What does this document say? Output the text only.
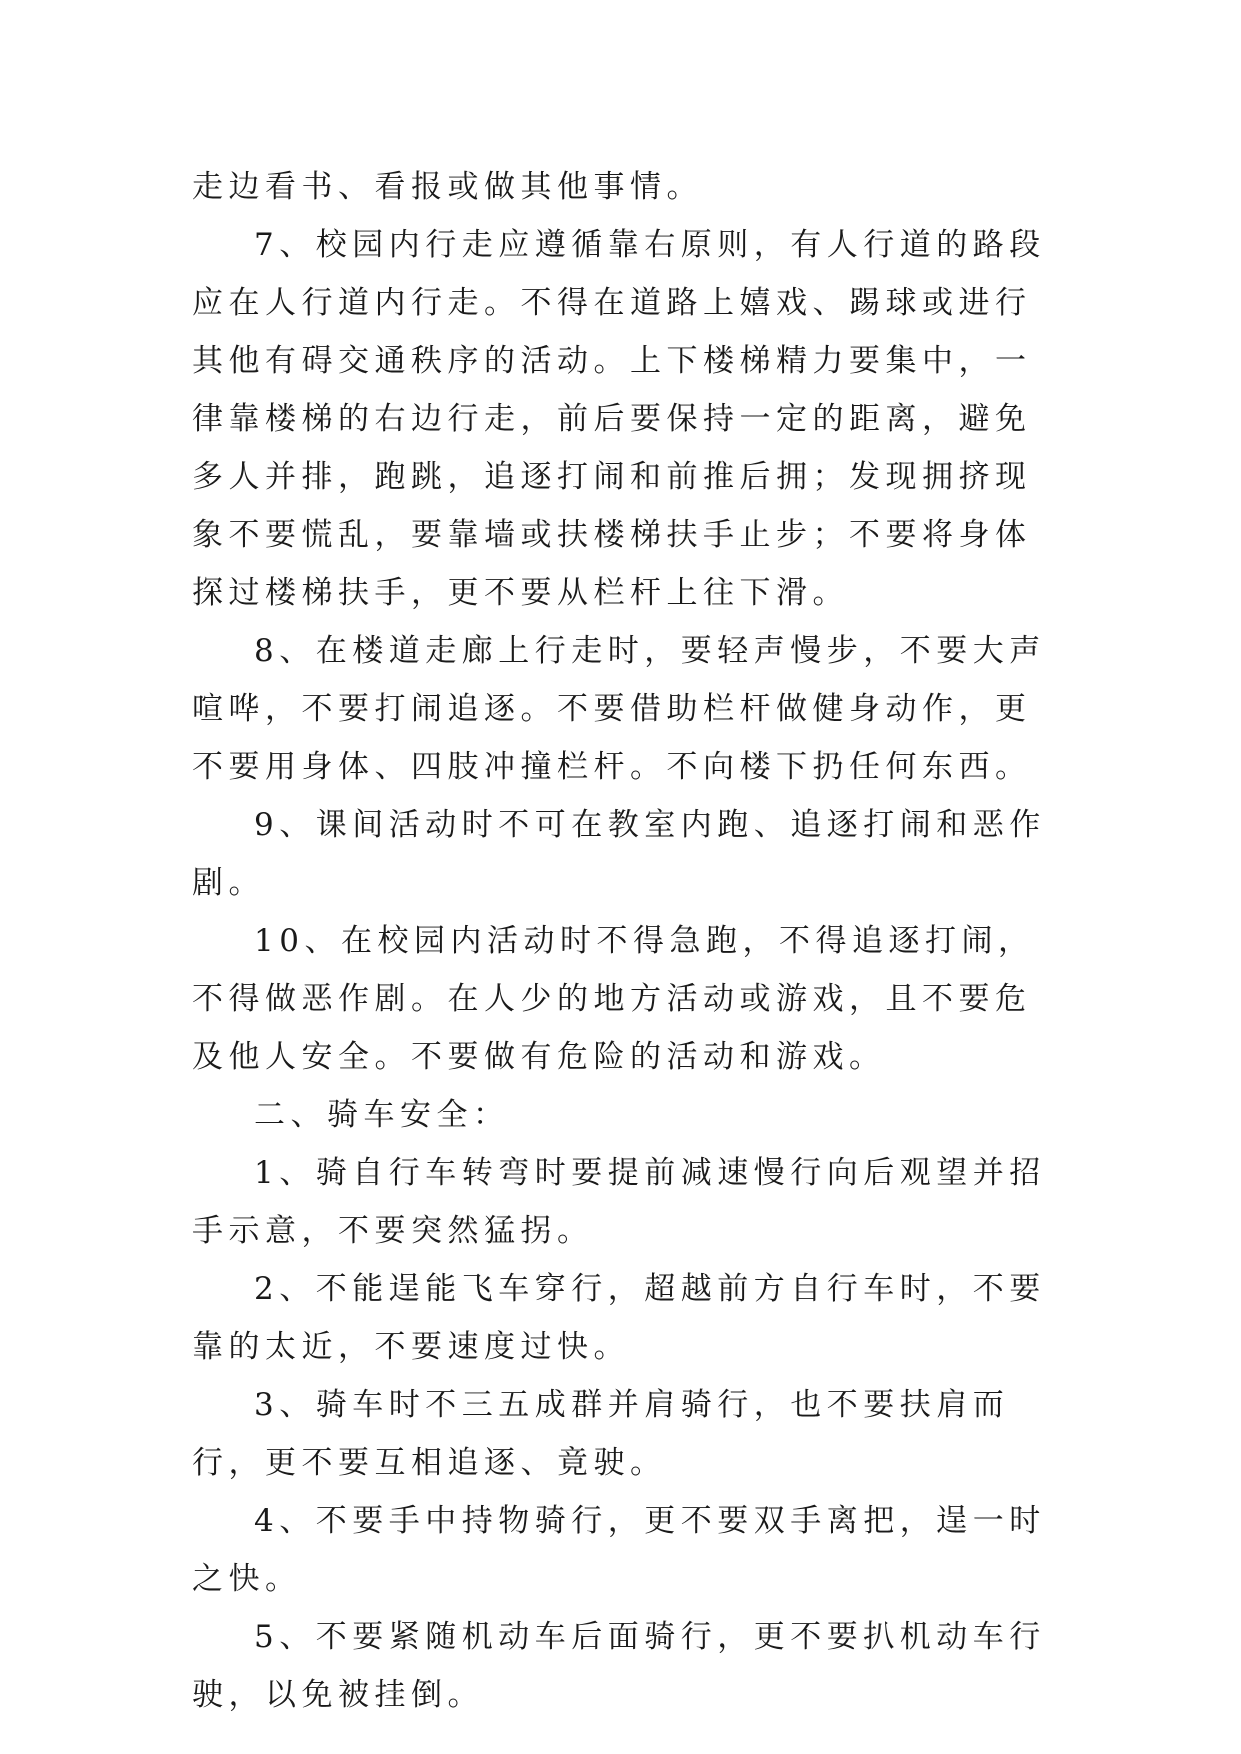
走边看书、看报或做其他事情。

7、校园内行走应遵循靠右原则，有人行道的路段应在人行道内行走。不得在道路上嬉戏、踢球或进行其他有碍交通秩序的活动。上下楼梯精力要集中，一律靠楼梯的右边行走，前后要保持一定的距离，避免多人并排，跑跳，追逐打闹和前推后拥；发现拥挤现象不要慌乱，要靠墙或扶楼梯扶手止步；不要将身体探过楼梯扶手，更不要从栏杆上往下滑。

8、在楼道走廊上行走时，要轻声慢步，不要大声喧哗，不要打闹追逐。不要借助栏杆做健身动作，更不要用身体、四肢冲撞栏杆。不向楼下扔任何东西。

9、课间活动时不可在教室内跑、追逐打闹和恶作剧。

10、在校园内活动时不得急跑，不得追逐打闹，不得做恶作剧。在人少的地方活动或游戏，且不要危及他人安全。不要做有危险的活动和游戏。

二、骑车安全：

1、骑自行车转弯时要提前减速慢行向后观望并招手示意，不要突然猛拐。

2、不能逞能飞车穿行，超越前方自行车时，不要靠的太近，不要速度过快。

3、骑车时不三五成群并肩骑行，也不要扶肩而行，更不要互相追逐、竟驶。

4、不要手中持物骑行，更不要双手离把，逞一时之快。

5、不要紧随机动车后面骑行，更不要扒机动车行驶，以免被挂倒。
